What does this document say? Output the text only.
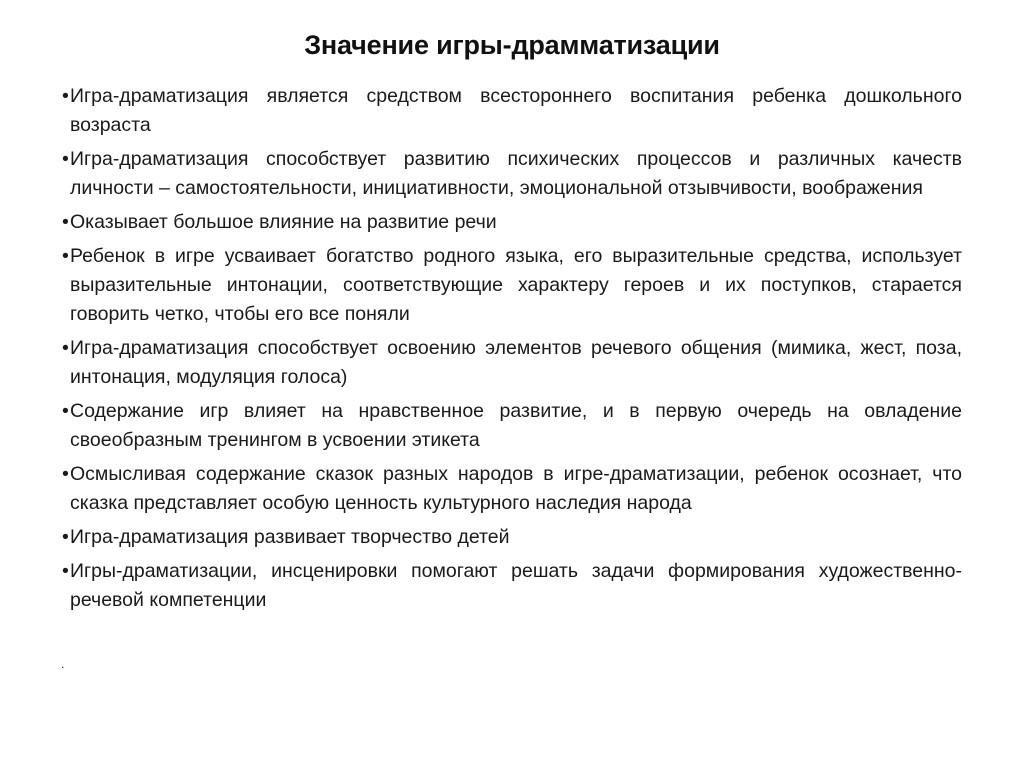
Значение игры-драмматизации
• Игра-драматизация является средством всестороннего воспитания ребенка дошкольного возраста
• Игра-драматизация способствует развитию психических процессов и различных качеств личности – самостоятельности, инициативности, эмоциональной отзывчивости, воображения
• Оказывает большое влияние на развитие речи
• Ребенок в игре усваивает богатство родного языка, его выразительные средства, использует выразительные интонации, соответствующие характеру героев и их поступков, старается говорить четко, чтобы его все поняли
• Игра-драматизация способствует освоению элементов речевого общения (мимика, жест, поза, интонация, модуляция голоса)
• Содержание игр влияет на нравственное развитие, и в первую очередь на овладение своеобразным тренингом в усвоении этикета
• Осмысливая содержание сказок разных народов в игре-драматизации, ребенок осознает, что сказка представляет особую ценность культурного наследия народа
• Игра-драматизация развивает творчество детей
• Игры-драматизации, инсценировки помогают решать задачи формирования художественно-речевой компетенции
.
